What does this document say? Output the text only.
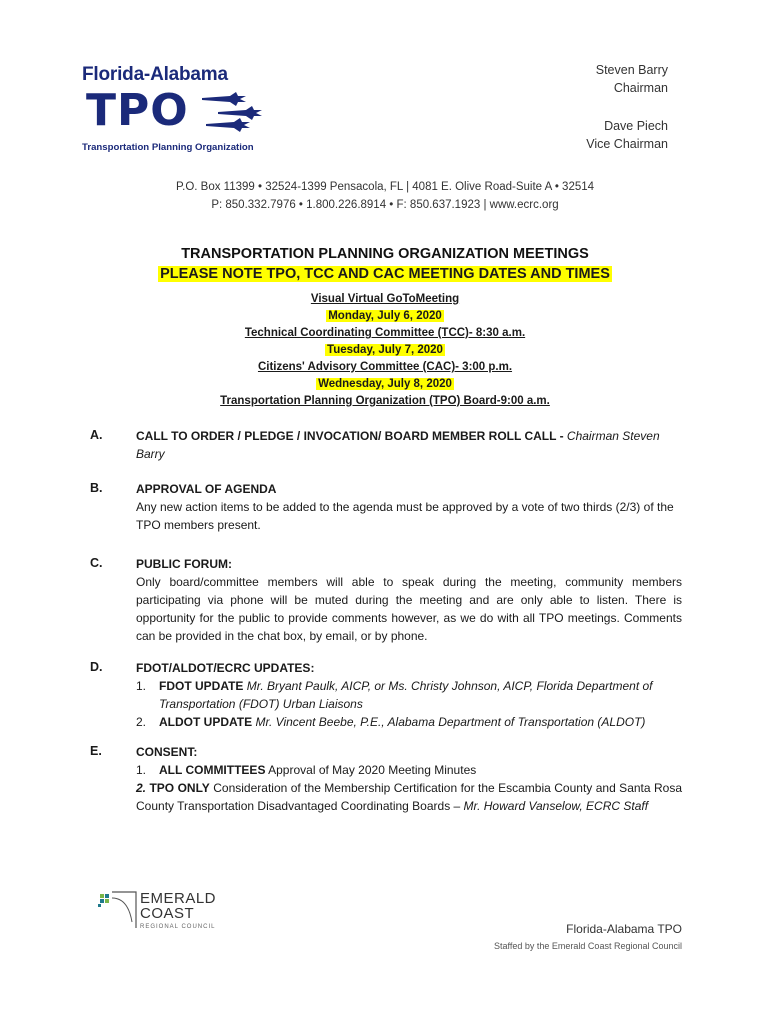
Florida-Alabama
TPO
Transportation Planning Organization
Steven Barry
Chairman
Dave Piech
Vice Chairman
P.O. Box 11399 • 32524-1399 Pensacola, FL | 4081 E. Olive Road-Suite A • 32514
P: 850.332.7976 • 1.800.226.8914 • F: 850.637.1923 | www.ecrc.org
TRANSPORTATION PLANNING ORGANIZATION MEETINGS
PLEASE NOTE TPO, TCC AND CAC MEETING DATES AND TIMES
Visual Virtual GoToMeeting
Monday, July 6, 2020
Technical Coordinating Committee (TCC)- 8:30 a.m.
Tuesday, July 7, 2020
Citizens' Advisory Committee (CAC)- 3:00 p.m.
Wednesday, July 8, 2020
Transportation Planning Organization (TPO) Board-9:00 a.m.
A.	CALL TO ORDER / PLEDGE / INVOCATION/ BOARD MEMBER ROLL CALL - Chairman Steven Barry
B.	APPROVAL OF AGENDA
Any new action items to be added to the agenda must be approved by a vote of two thirds (2/3) of the TPO members present.
C.	PUBLIC FORUM:
Only board/committee members will able to speak during the meeting, community members participating via phone will be muted during the meeting and are only able to listen. There is opportunity for the public to provide comments however, as we do with all TPO meetings. Comments can be provided in the chat box, by email, or by phone.
D.	FDOT/ALDOT/ECRC UPDATES:
1. FDOT UPDATE Mr. Bryant Paulk, AICP, or Ms. Christy Johnson, AICP, Florida Department of Transportation (FDOT) Urban Liaisons
2. ALDOT UPDATE Mr. Vincent Beebe, P.E., Alabama Department of Transportation (ALDOT)
E.	CONSENT:
1. ALL COMMITTEES Approval of May 2020 Meeting Minutes
2. TPO ONLY Consideration of the Membership Certification for the Escambia County and Santa Rosa County Transportation Disadvantaged Coordinating Boards – Mr. Howard Vanselow, ECRC Staff
EMERALD
COAST
REGIONAL COUNCIL	Florida-Alabama TPO
Staffed by the Emerald Coast Regional Council
